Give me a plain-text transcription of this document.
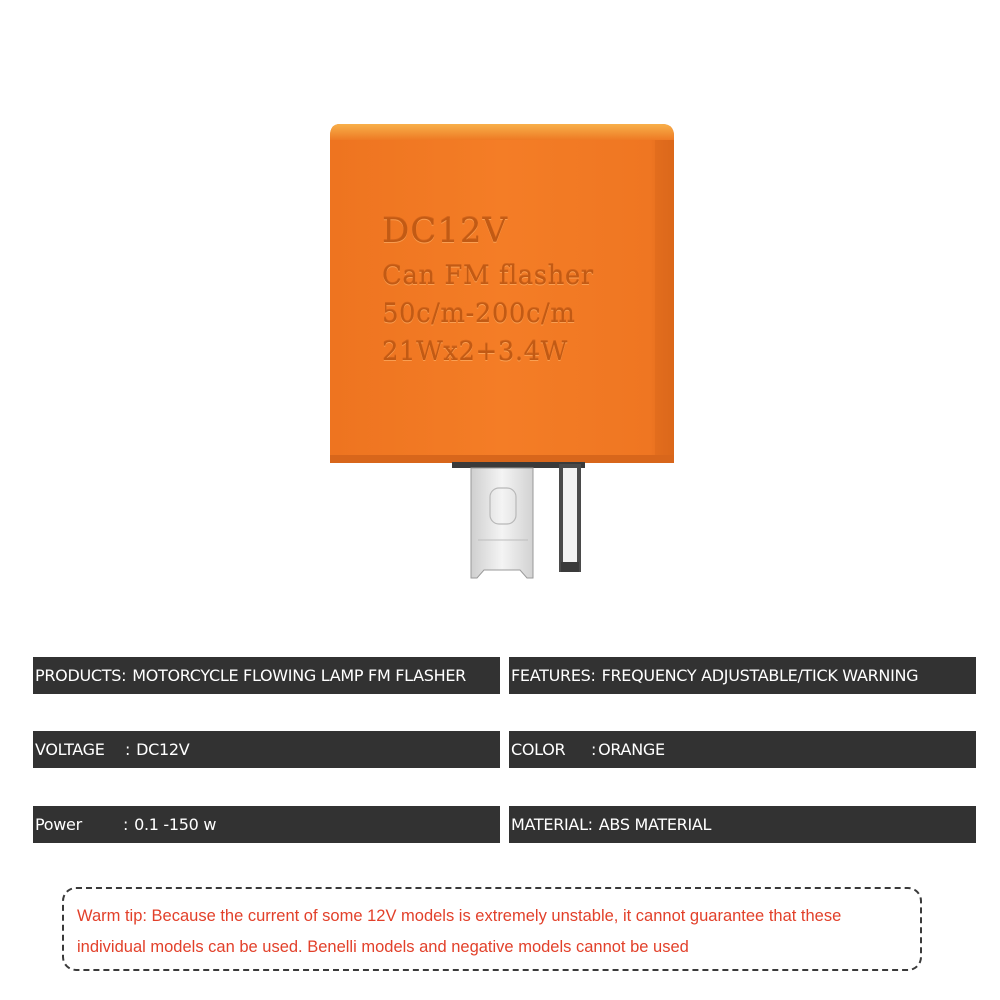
DC12V
Can FM flasher
50c/m-200c/m
21Wx2+3.4W
PRODUCTS: MOTORCYCLE FLOWING LAMP FM FLASHER	FEATURES: FREQUENCY ADJUSTABLE/TICK WARNING
VOLTAGE : DC12V	COLOR : ORANGE
Power	: 0.1 -150 w	MATERIAL: ABS MATERIAL
Warm tip: Because the current of some 12V models is extremely unstable, it cannot guarantee that these individual models can be used. Benelli models and negative models cannot be used
